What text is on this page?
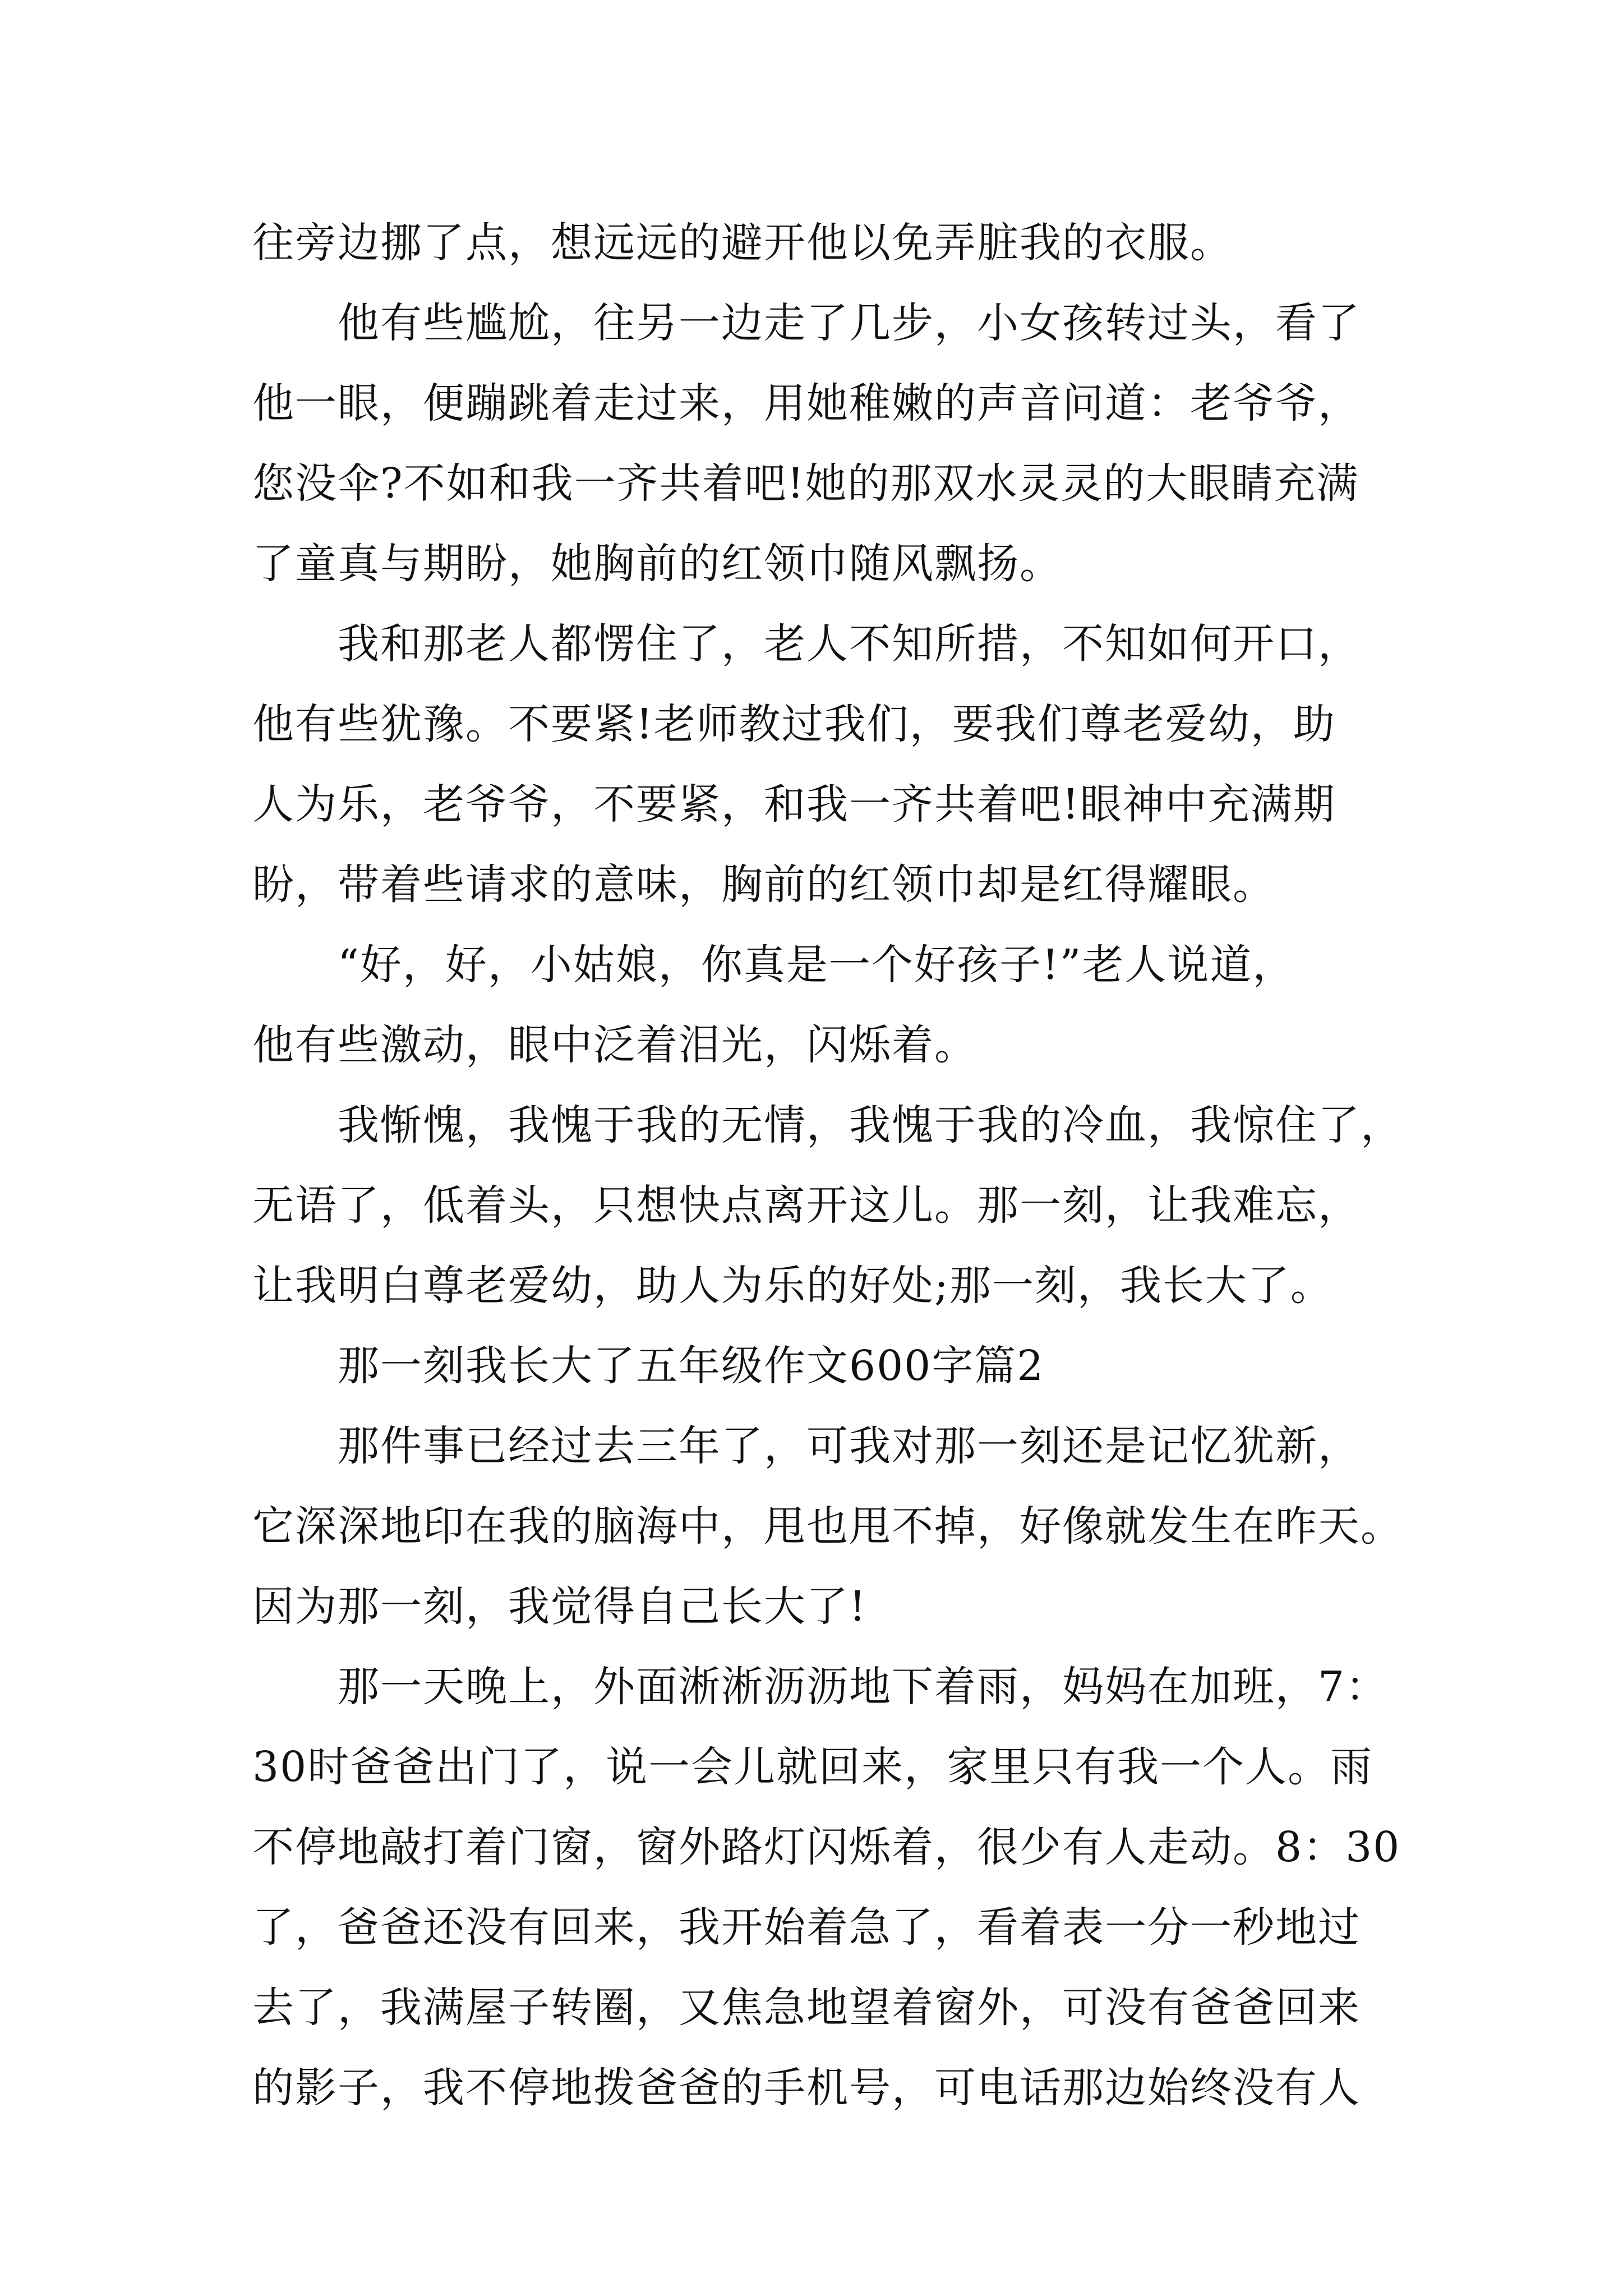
往旁边挪了点，想远远的避开他以免弄脏我的衣服。
他有些尴尬，往另一边走了几步，小女孩转过头，看了
他一眼，便蹦跳着走过来，用她稚嫩的声音问道：老爷爷，
您没伞?不如和我一齐共着吧!她的那双水灵灵的大眼睛充满
了童真与期盼，她胸前的红领巾随风飘扬。
我和那老人都愣住了，老人不知所措，不知如何开口，
他有些犹豫。不要紧!老师教过我们，要我们尊老爱幼，助
人为乐，老爷爷，不要紧，和我一齐共着吧!眼神中充满期
盼，带着些请求的意味，胸前的红领巾却是红得耀眼。
“好，好，小姑娘，你真是一个好孩子!”老人说道，
他有些激动，眼中泛着泪光，闪烁着。
我惭愧，我愧于我的无情，我愧于我的冷血，我惊住了，
无语了，低着头，只想快点离开这儿。那一刻，让我难忘，
让我明白尊老爱幼，助人为乐的好处;那一刻，我长大了。
那一刻我长大了五年级作文600字篇2
那件事已经过去三年了，可我对那一刻还是记忆犹新，
它深深地印在我的脑海中，甩也甩不掉，好像就发生在昨天。
因为那一刻，我觉得自己长大了!
那一天晚上，外面淅淅沥沥地下着雨，妈妈在加班，7：
30时爸爸出门了，说一会儿就回来，家里只有我一个人。雨
不停地敲打着门窗，窗外路灯闪烁着，很少有人走动。8：30
了，爸爸还没有回来，我开始着急了，看着表一分一秒地过
去了，我满屋子转圈，又焦急地望着窗外，可没有爸爸回来
的影子，我不停地拨爸爸的手机号，可电话那边始终没有人
